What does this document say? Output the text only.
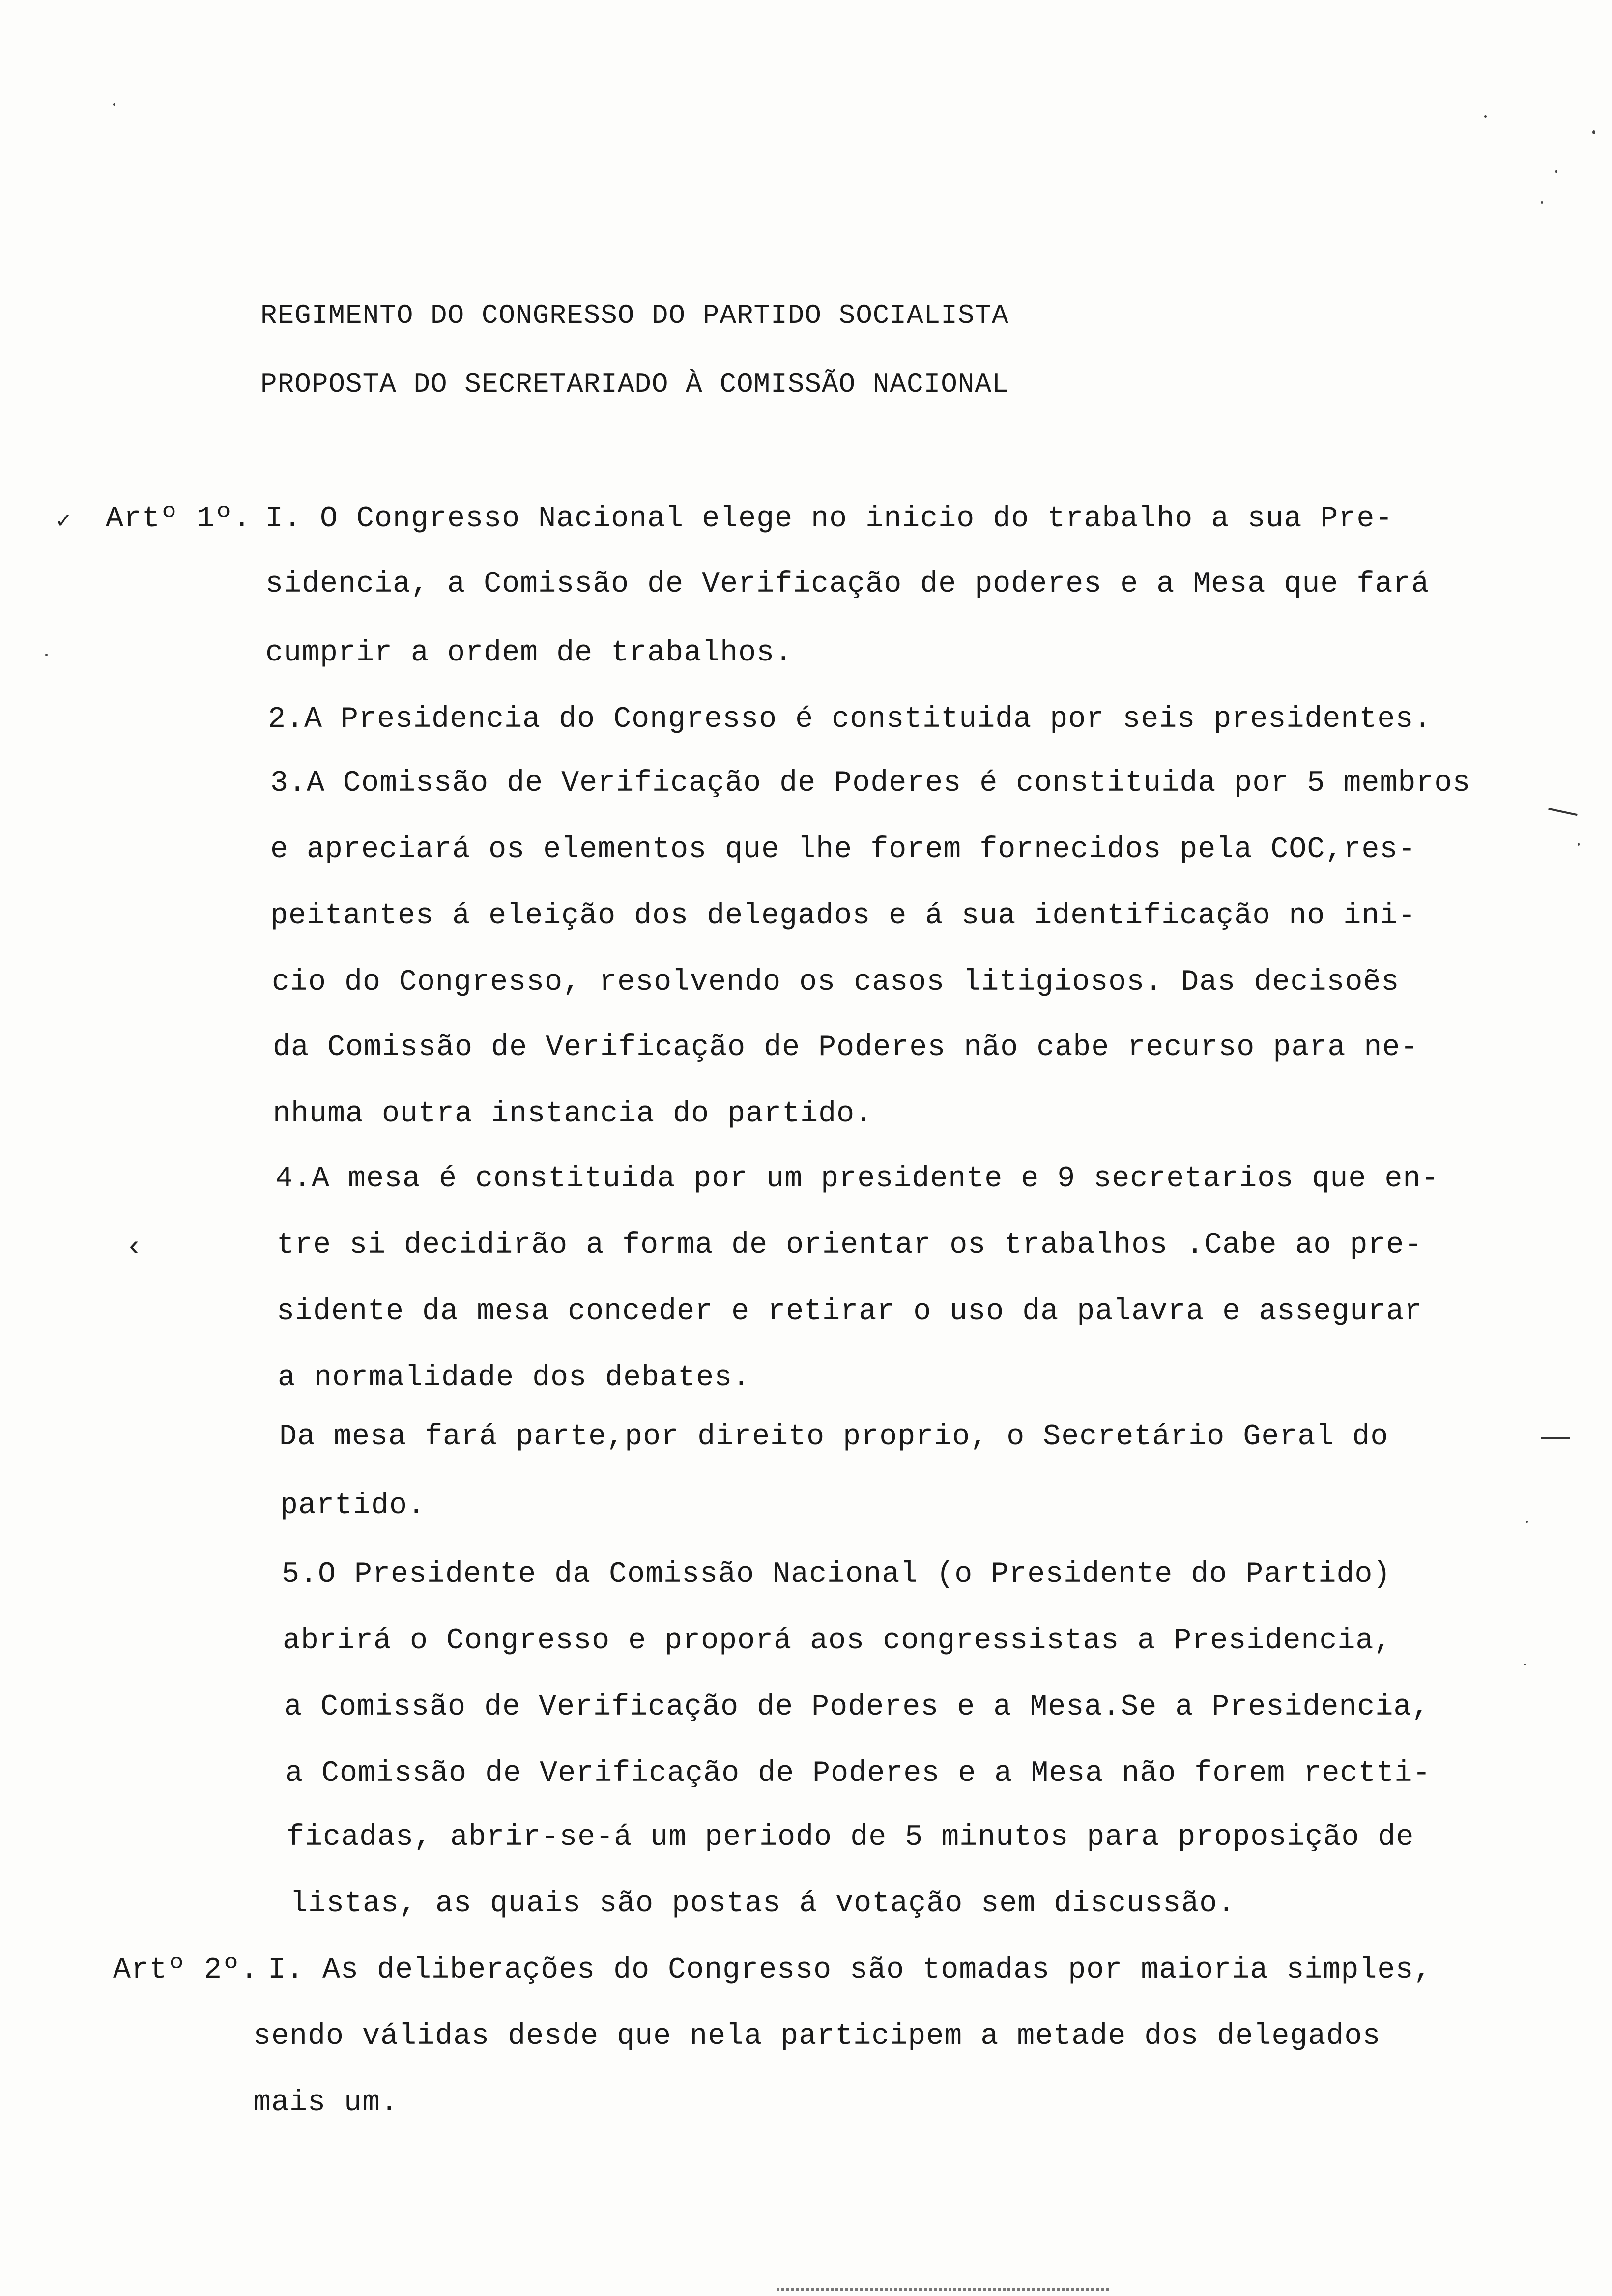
REGIMENTO DO CONGRESSO DO PARTIDO SOCIALISTA
PROPOSTA DO SECRETARIADO À COMISSÃO NACIONAL
✓
‹
Artº 1º. I. O Congresso Nacional elege no inicio do trabalho a sua Pre-
sidencia, a Comissão de Verificação de poderes e a Mesa que fará
cumprir a ordem de trabalhos.
2.A Presidencia do Congresso é constituida por seis presidentes.
3.A Comissão de Verificação de Poderes é constituida por 5 membros
e apreciará os elementos que lhe forem fornecidos pela COC,res-
peitantes á eleição dos delegados e á sua identificação no ini-
cio do Congresso, resolvendo os casos litigiosos. Das decisoẽs
da Comissão de Verificação de Poderes não cabe recurso para ne-
nhuma outra instancia do partido.
4.A mesa é constituida por um presidente e 9 secretarios que en-
tre si decidirão a forma de orientar os trabalhos .Cabe ao pre-
sidente da mesa conceder e retirar o uso da palavra e assegurar
a normalidade dos debates.
Da mesa fará parte,por direito proprio, o Secretário Geral do
partido.
5.O Presidente da Comissão Nacional (o Presidente do Partido)
abrirá o Congresso e proporá aos congressistas a Presidencia,
a Comissão de Verificação de Poderes e a Mesa.Se a Presidencia,
a Comissão de Verificação de Poderes e a Mesa não forem rectti-
ficadas, abrir-se-á um periodo de 5 minutos para proposição de
listas, as quais são postas á votação sem discussão.
Artº 2º. I. As deliberações do Congresso são tomadas por maioria simples,
sendo válidas desde que nela participem a metade dos delegados
mais um.
